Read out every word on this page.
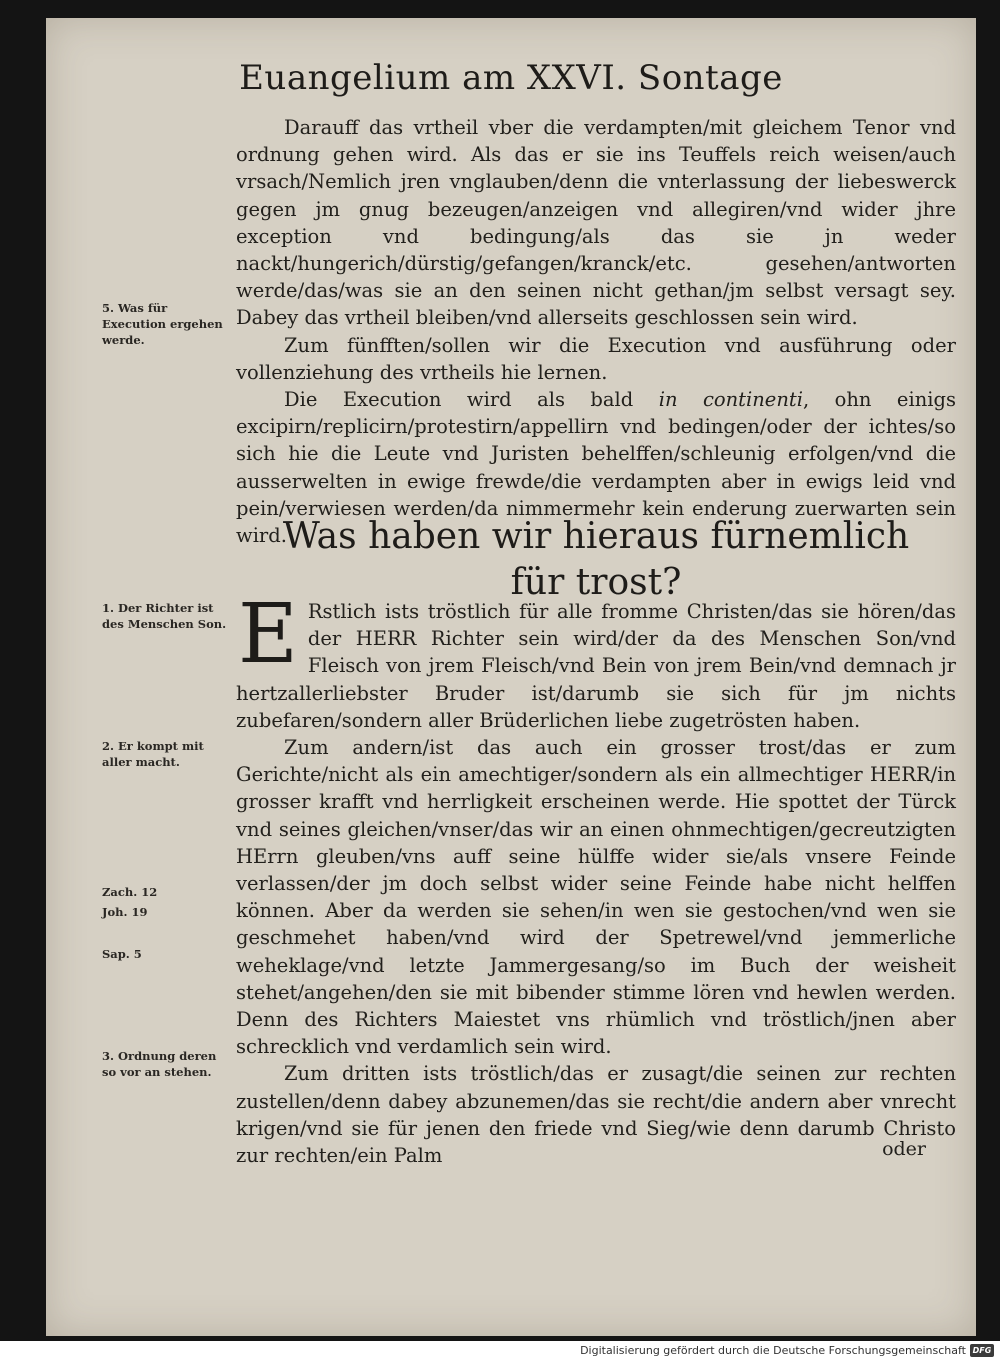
Euangelium am XXVI. Sontage

Darauff das vrtheil vber die verdampten/mit gleichem Tenor vnd ordnung gehen wird. Als das er sie ins Teuffels reich weisen/auch vrsach/Nemlich jren vnglauben/denn die vnterlassung der liebeswerck gegen jm gnug bezeugen/anzeigen vnd allegiren/vnd wider jhre exception vnd bedingung/als das sie jn weder nackt/hungerich/dürstig/gefangen/kranck/etc. gesehen/antworten werde/das/was sie an den seinen nicht gethan/jm selbst versagt sey. Dabey das vrtheil bleiben/vnd allerseits geschlossen sein wird.

Zum fünfften/sollen wir die Execution vnd ausführung oder vollenziehung des vrtheils hie lernen.

Die Execution wird als bald in continenti, ohn einigs excipirn/replicirn/protestirn/appellirn vnd bedingen/oder der ichtes/so sich hie die Leute vnd Juristen behelffen/schleunig erfolgen/vnd die ausserwelten in ewige frewde/die verdampten aber in ewigs leid vnd pein/verwiesen werden/da nimmermehr kein enderung zuerwarten sein wird.

Was haben wir hieraus fürnemlich
für trost?

E Rstlich ists tröstlich für alle fromme Christen/das sie hören/das der HERR Richter sein wird/der da des Menschen Son/vnd Fleisch von jrem Fleisch/vnd Bein von jrem Bein/vnd demnach jr hertzallerliebster Bruder ist/darumb sie sich für jm nichts zubefaren/sondern aller Brüderlichen liebe zugetrösten haben.

Zum andern/ist das auch ein grosser trost/das er zum Gerichte/nicht als ein amechtiger/sondern als ein allmechtiger HERR/in grosser krafft vnd herrligkeit erscheinen werde. Hie spottet der Türck vnd seines gleichen/vnser/das wir an einen ohnmechtigen/gecreutzigten HErrn gleuben/vns auff seine hülffe wider sie/als vnsere Feinde verlassen/der jm doch selbst wider seine Feinde habe nicht helffen können. Aber da werden sie sehen/in wen sie gestochen/vnd wen sie geschmehet haben/vnd wird der Spetrewel/vnd jemmerliche weheklage/vnd letzte Jammergesang/so im Buch der weisheit stehet/angehen/den sie mit bibender stimme lören vnd hewlen werden. Denn des Richters Maiestet vns rhümlich vnd tröstlich/jnen aber schrecklich vnd verdamlich sein wird.

Zum dritten ists tröstlich/das er zusagt/die seinen zur rechten zustellen/denn dabey abzunemen/das sie recht/die andern aber vnrecht krigen/vnd sie für jenen den friede vnd Sieg/wie denn darumb Christo zur rechten/ein Palm	oder
5. Was für Execution ergehen werde.
1. Der Richter ist des Menschen Son.
2. Er kompt mit aller macht.
Zach. 12
Joh. 19
Sap. 5
3. Ordnung deren so vor an stehen.
Digitalisierung gefördert durch die Deutsche Forschungsgemeinschaft DFG
